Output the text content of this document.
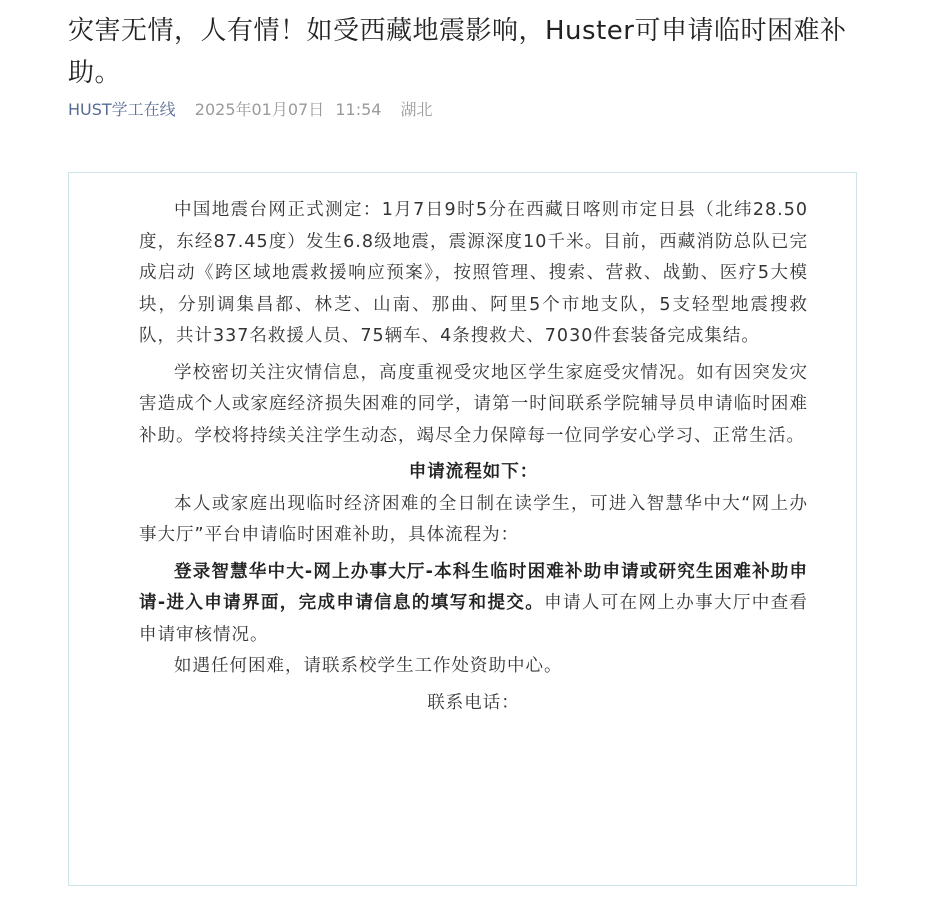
灾害无情，人有情！如受西藏地震影响，Huster可申请临时困难补助。
HUST学工在线 2025年01月07日 11:54 湖北

中国地震台网正式测定：1月7日9时5分在西藏日喀则市定日县（北纬28.50度，东经87.45度）发生6.8级地震，震源深度10千米。目前，西藏消防总队已完成启动《跨区域地震救援响应预案》，按照管理、搜索、营救、战勤、医疗5大模块，分别调集昌都、林芝、山南、那曲、阿里5个市地支队，5支轻型地震搜救队，共计337名救援人员、75辆车、4条搜救犬、7030件套装备完成集结。

学校密切关注灾情信息，高度重视受灾地区学生家庭受灾情况。如有因突发灾害造成个人或家庭经济损失困难的同学，请第一时间联系学院辅导员申请临时困难补助。学校将持续关注学生动态，竭尽全力保障每一位同学安心学习、正常生活。

申请流程如下：

本人或家庭出现临时经济困难的全日制在读学生，可进入智慧华中大“网上办事大厅”平台申请临时困难补助，具体流程为：

登录智慧华中大-网上办事大厅-本科生临时困难补助申请或研究生困难补助申请-进入申请界面，完成申请信息的填写和提交。申请人可在网上办事大厅中查看申请审核情况。

如遇任何困难，请联系校学生工作处资助中心。

联系电话：
